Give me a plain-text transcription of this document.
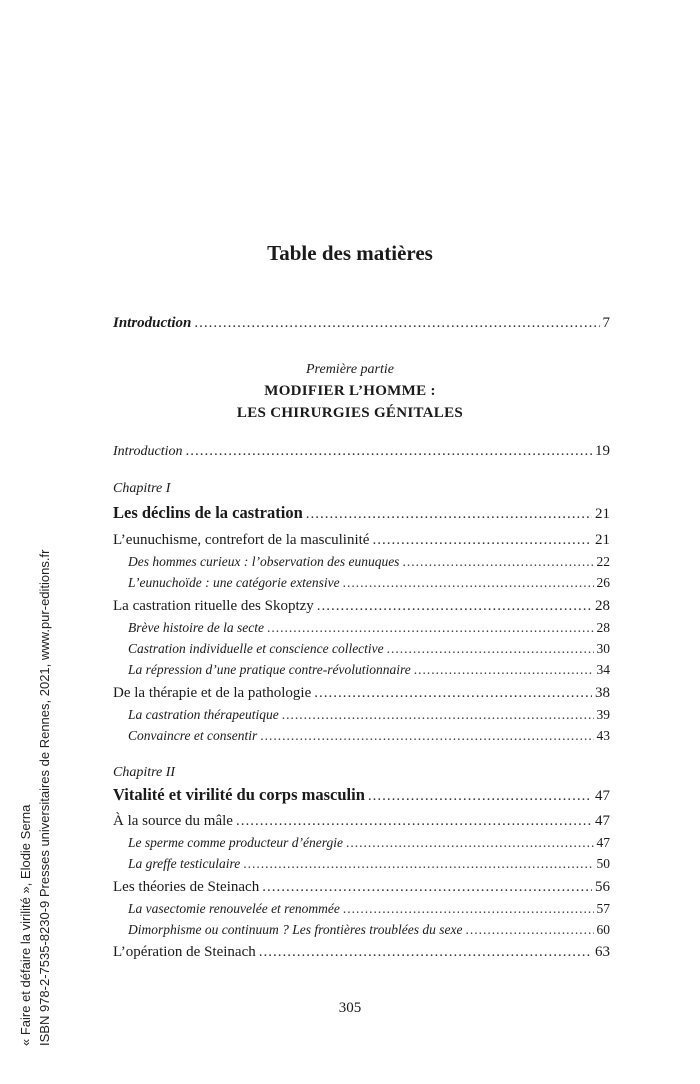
« Faire et défaire la virilité », Elodie Serna ISBN 978-2-7535-8230-9 Presses universitaires de Rennes, 2021, www.pur-editions.fr
Table des matières
Introduction .....	7
Première partie
MODIFIER L’HOMME :
LES CHIRURGIES GÉNITALES
Introduction .....	19
Chapitre I
Les déclins de la castration .....	21
L’eunuchisme, contrefort de la masculinité .....	21
Des hommes curieux : l’observation des eunuques .....	22
L’eunuchoïde : une catégorie extensive .....	26
La castration rituelle des Skoptzy .....	28
Brève histoire de la secte .....	28
Castration individuelle et conscience collective .....	30
La répression d’une pratique contre-révolutionnaire .....	34
De la thérapie et de la pathologie .....	38
La castration thérapeutique .....	39
Convaincre et consentir .....	43
Chapitre II
Vitalité et virilité du corps masculin .....	47
À la source du mâle .....	47
Le sperme comme producteur d’énergie .....	47
La greffe testiculaire .....	50
Les théories de Steinach .....	56
La vasectomie renouvelée et renommée .....	57
Dimorphisme ou continuum ? Les frontières troublées du sexe .....	60
L’opération de Steinach .....	63
305
